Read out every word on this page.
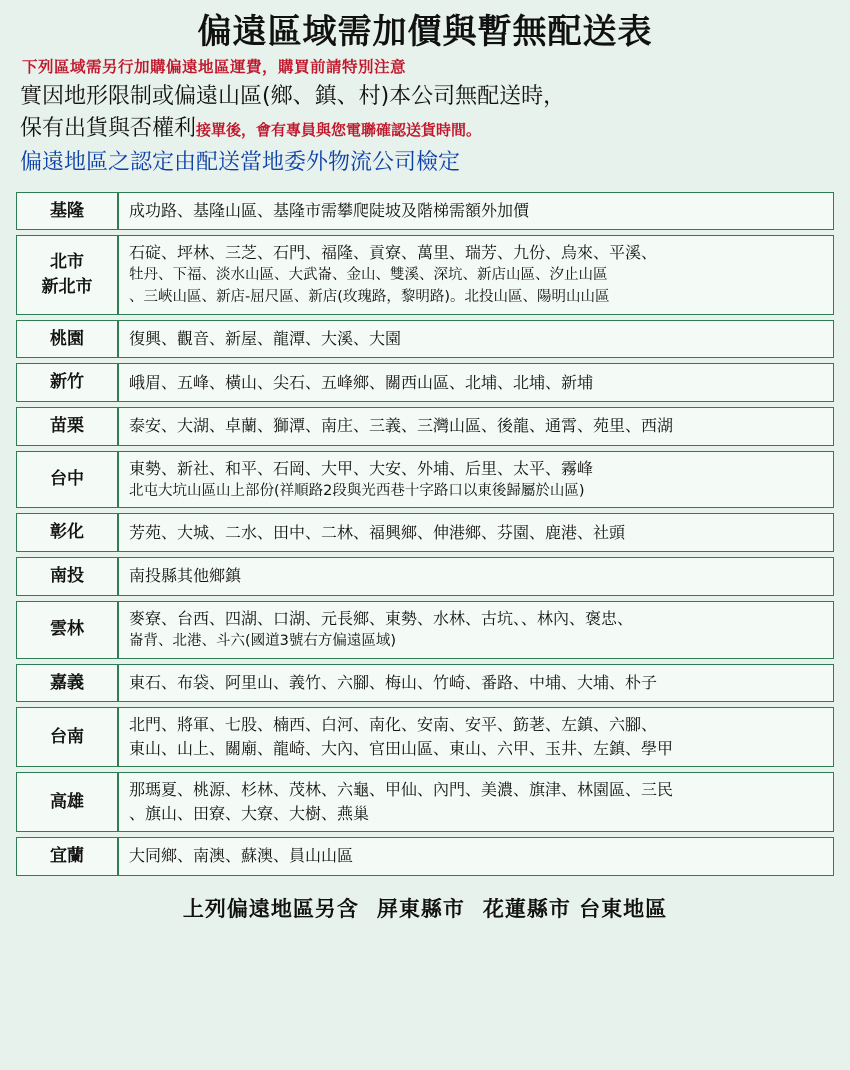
偏遠區域需加價與暫無配送表
下列區域需另行加購偏遠地區運費，購買前請特別注意
實因地形限制或偏遠山區(鄉、鎮、村)本公司無配送時，
保有出貨與否權利接單後，會有專員與您電聯確認送貨時間。
偏遠地區之認定由配送當地委外物流公司檢定
基隆	成功路、基隆山區、基隆市需攀爬陡坡及階梯需額外加價

北市
新北市	石碇、坪林、三芝、石門、福隆、貢寮、萬里、瑞芳、九份、烏來、平溪、
牡丹、下福、淡水山區、大武崙、金山、雙溪、深坑、新店山區、汐止山區
、三峽山區、新店-屈尺區、新店(玫瑰路，黎明路)。北投山區、陽明山山區

桃園	復興、觀音、新屋、龍潭、大溪、大園

新竹	峨眉、五峰、橫山、尖石、五峰鄉、關西山區、北埔、北埔、新埔

苗栗	泰安、大湖、卓蘭、獅潭、南庄、三義、三灣山區、後龍、通霄、苑里、西湖

台中	東勢、新社、和平、石岡、大甲、大安、外埔、后里、太平、霧峰
北屯大坑山區山上部份(祥順路2段與光西巷十字路口以東後歸屬於山區)

彰化	芳苑、大城、二水、田中、二林、福興鄉、伸港鄉、芬園、鹿港、社頭

南投	南投縣其他鄉鎮

雲林	麥寮、台西、四湖、口湖、元長鄉、東勢、水林、古坑、、林內、褒忠、
崙背、北港、斗六(國道3號右方偏遠區域)

嘉義	東石、布袋、阿里山、義竹、六腳、梅山、竹崎、番路、中埔、大埔、朴子

台南	北門、將軍、七股、楠西、白河、南化、安南、安平、筯荖、左鎮、六腳、
東山、山上、關廟、龍崎、大內、官田山區、東山、六甲、玉井、左鎮、學甲

高雄	那瑪夏、桃源、杉林、茂林、六龜、甲仙、內門、美濃、旗津、林園區、三民
、旗山、田寮、大寮、大樹、燕巢

宜蘭	大同鄉、南澳、蘇澳、員山山區
上列偏遠地區另含 屏東縣市 花蓮縣市 台東地區
